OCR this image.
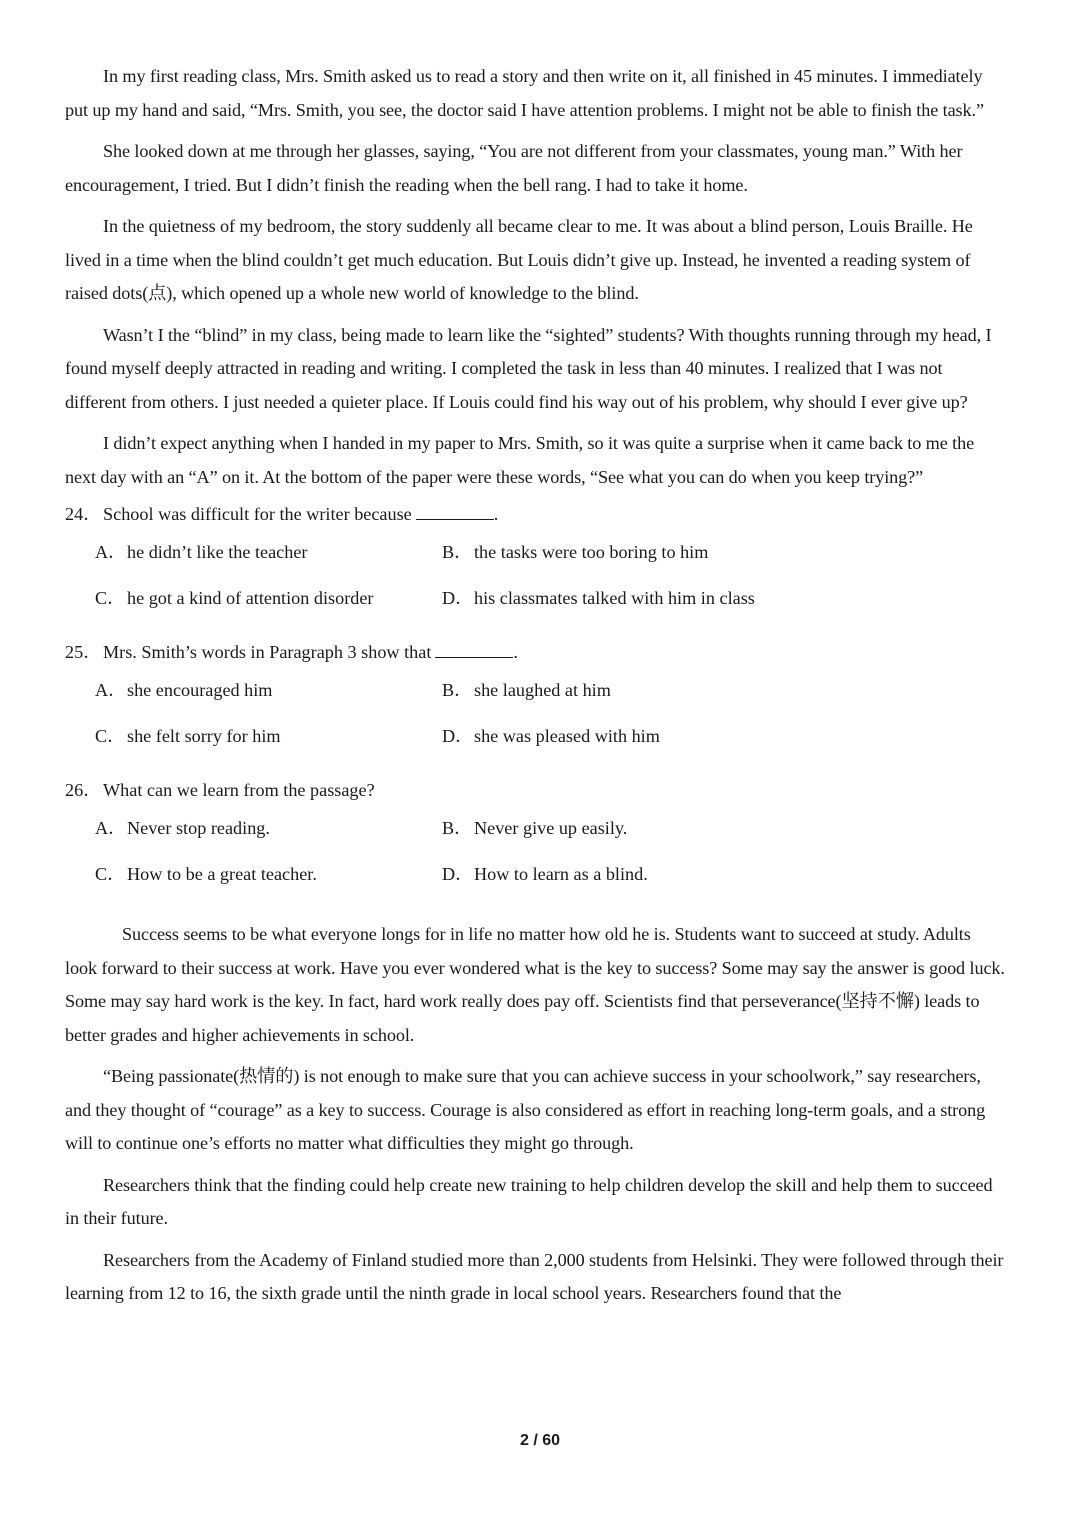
In my first reading class, Mrs. Smith asked us to read a story and then write on it, all finished in 45 minutes. I immediately put up my hand and said, “Mrs. Smith, you see, the doctor said I have attention problems. I might not be able to finish the task.”

She looked down at me through her glasses, saying, “You are not different from your classmates, young man.” With her encouragement, I tried. But I didn’t finish the reading when the bell rang. I had to take it home.

In the quietness of my bedroom, the story suddenly all became clear to me. It was about a blind person, Louis Braille. He lived in a time when the blind couldn’t get much education. But Louis didn’t give up. Instead, he invented a reading system of raised dots(点), which opened up a whole new world of knowledge to the blind.

Wasn’t I the “blind” in my class, being made to learn like the “sighted” students? With thoughts running through my head, I found myself deeply attracted in reading and writing. I completed the task in less than 40 minutes. I realized that I was not different from others. I just needed a quieter place. If Louis could find his way out of his problem, why should I ever give up?

I didn’t expect anything when I handed in my paper to Mrs. Smith, so it was quite a surprise when it came back to me the next day with an “A” on it. At the bottom of the paper were these words, “See what you can do when you keep trying?”

24．School was difficult for the writer because	.
A．he didn’t like the teacher	B．the tasks were too boring to him
C．he got a kind of attention disorder	D．his classmates talked with him in class
25．Mrs. Smith’s words in Paragraph 3 show that	.
A．she encouraged him	B．she laughed at him
C．she felt sorry for him	D．she was pleased with him
26．What can we learn from the passage?
A．Never stop reading.	B．Never give up easily.
C．How to be a great teacher.	D．How to learn as a blind.

Success seems to be what everyone longs for in life no matter how old he is. Students want to succeed at study. Adults look forward to their success at work. Have you ever wondered what is the key to success? Some may say the answer is good luck. Some may say hard work is the key. In fact, hard work really does pay off. Scientists find that perseverance(坚持不懈) leads to better grades and higher achievements in school.

“Being passionate(热情的) is not enough to make sure that you can achieve success in your schoolwork,” say researchers, and they thought of “courage” as a key to success. Courage is also considered as effort in reaching long-term goals, and a strong will to continue one’s efforts no matter what difficulties they might go through.

Researchers think that the finding could help create new training to help children develop the skill and help them to succeed in their future.

Researchers from the Academy of Finland studied more than 2,000 students from Helsinki. They were followed through their learning from 12 to 16, the sixth grade until the ninth grade in local school years. Researchers found that the

2 / 60
